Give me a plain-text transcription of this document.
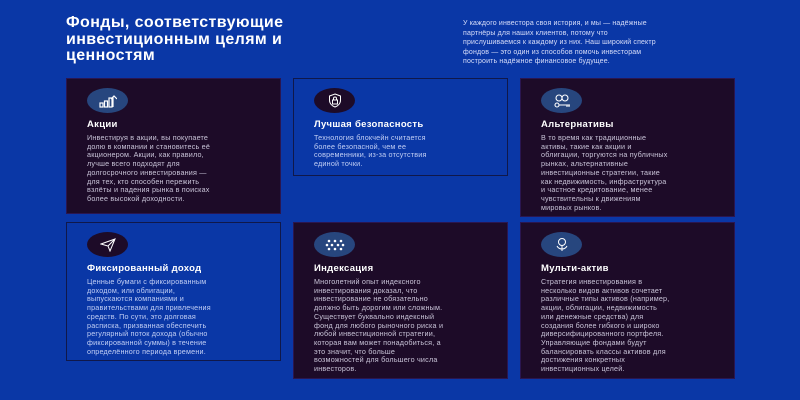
Фонды, соответствующие
инвестиционным целям и
ценностям
У каждого инвестора своя история, и мы — надёжные
партнёры для наших клиентов, потому что
прислушиваемся к каждому из них. Наш широкий спектр
фондов — это один из способов помочь инвесторам
построить надёжное финансовое будущее.
Акции
Инвестируя в акции, вы покупаете
долю в компании и становитесь её
акционером. Акции, как правило,
лучше всего подходят для
долгосрочного инвестирования —
для тех, кто способен пережить
взлёты и падения рынка в поисках
более высокой доходности.
Лучшая безопасность
Технология блокчейн считается
более безопасной, чем ее
современники, из-за отсутствия
единой точки.
Альтернативы
В то время как традиционные
активы, такие как акции и
облигации, торгуются на публичных
рынках, альтернативные
инвестиционные стратегии, такие
как недвижимость, инфраструктура
и частное кредитование, менее
чувствительны к движениям
мировых рынков.
Фиксированный доход
Ценные бумаги с фиксированным
доходом, или облигации,
выпускаются компаниями и
правительствами для привлечения
средств. По сути, это долговая
расписка, призванная обеспечить
регулярный поток дохода (обычно
фиксированной суммы) в течение
определённого периода времени.
Индексация
Многолетний опыт индексного
инвестирования доказал, что
инвестирование не обязательно
должно быть дорогим или сложным.
Существует буквально индексный
фонд для любого рыночного риска и
любой инвестиционной стратегии,
которая вам может понадобиться, а
это значит, что больше
возможностей для большего числа
инвесторов.
Мульти-актив
Стратегия инвестирования в
несколько видов активов сочетает
различные типы активов (например,
акции, облигации, недвижимость
или денежные средства) для
создания более гибкого и широко
диверсифицированного портфеля.
Управляющие фондами будут
балансировать классы активов для
достижения конкретных
инвестиционных целей.
